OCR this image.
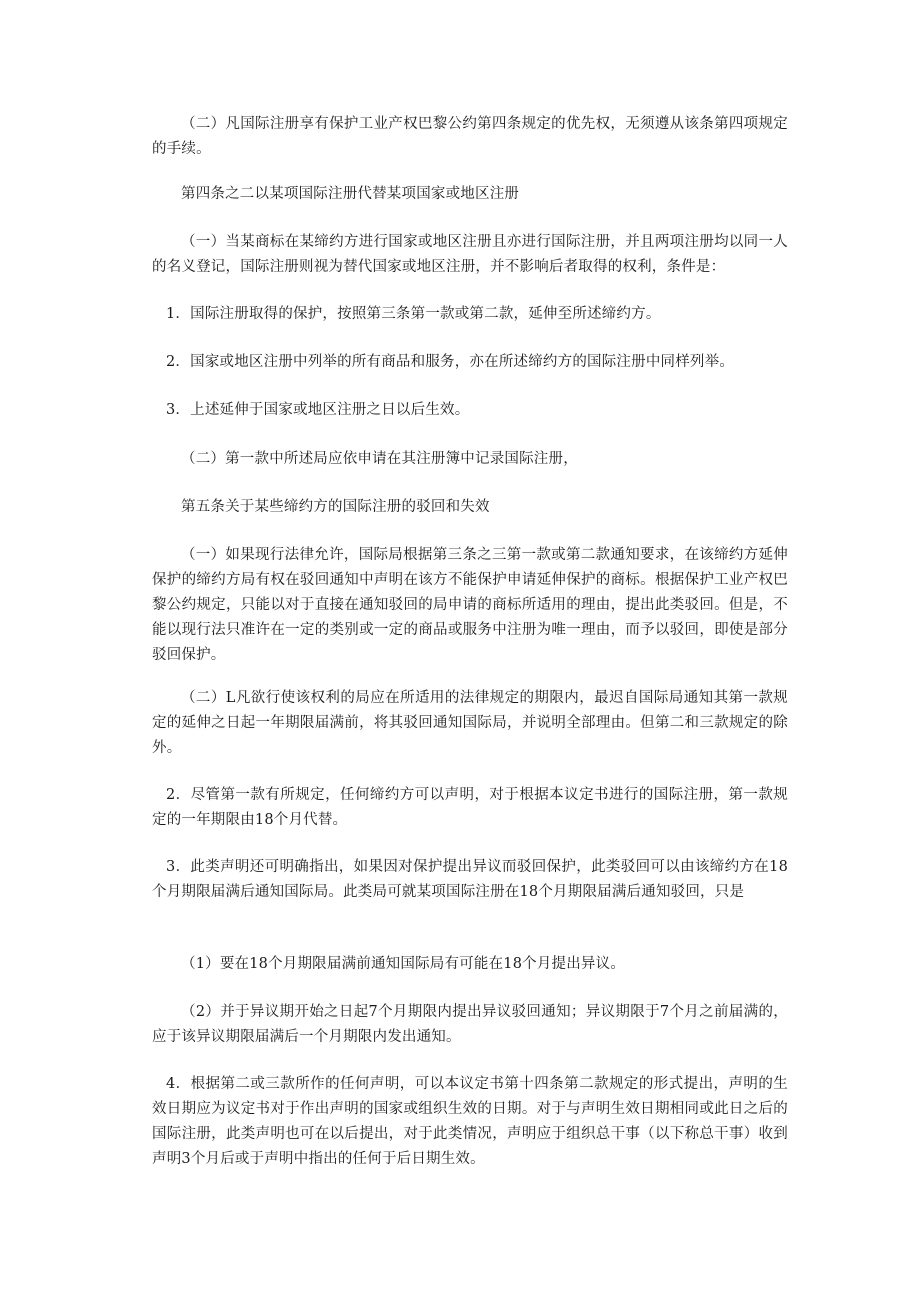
（二）凡国际注册享有保护工业产权巴黎公约第四条规定的优先权，无须遵从该条第四项规定的手续。

第四条之二以某项国际注册代替某项国家或地区注册

（一）当某商标在某缔约方进行国家或地区注册且亦进行国际注册，并且两项注册均以同一人的名义登记，国际注册则视为替代国家或地区注册，并不影响后者取得的权利，条件是：

1．国际注册取得的保护，按照第三条第一款或第二款，延伸至所述缔约方。

2．国家或地区注册中列举的所有商品和服务，亦在所述缔约方的国际注册中同样列举。

3．上述延伸于国家或地区注册之日以后生效。

（二）第一款中所述局应依申请在其注册簿中记录国际注册，

第五条关于某些缔约方的国际注册的驳回和失效

（一）如果现行法律允许，国际局根据第三条之三第一款或第二款通知要求，在该缔约方延伸保护的缔约方局有权在驳回通知中声明在该方不能保护申请延伸保护的商标。根据保护工业产权巴黎公约规定，只能以对于直接在通知驳回的局申请的商标所适用的理由，提出此类驳回。但是，不能以现行法只准许在一定的类别或一定的商品或服务中注册为唯一理由，而予以驳回，即使是部分驳回保护。

（二）L凡欲行使该权利的局应在所适用的法律规定的期限内，最迟自国际局通知其第一款规定的延伸之日起一年期限届满前，将其驳回通知国际局，并说明全部理由。但第二和三款规定的除外。

2．尽管第一款有所规定，任何缔约方可以声明，对于根据本议定书进行的国际注册，第一款规定的一年期限由18个月代替。

3．此类声明还可明确指出，如果因对保护提出异议而驳回保护，此类驳回可以由该缔约方在18个月期限届满后通知国际局。此类局可就某项国际注册在18个月期限届满后通知驳回，只是

（1）要在18个月期限届满前通知国际局有可能在18个月提出异议。

（2）并于异议期开始之日起7个月期限内提出异议驳回通知；异议期限于7个月之前届满的，应于该异议期限届满后一个月期限内发出通知。

4．根据第二或三款所作的任何声明，可以本议定书第十四条第二款规定的形式提出，声明的生效日期应为议定书对于作出声明的国家或组织生效的日期。对于与声明生效日期相同或此日之后的国际注册，此类声明也可在以后提出，对于此类情况，声明应于组织总干事（以下称总干事）收到声明3个月后或于声明中指出的任何于后日期生效。
